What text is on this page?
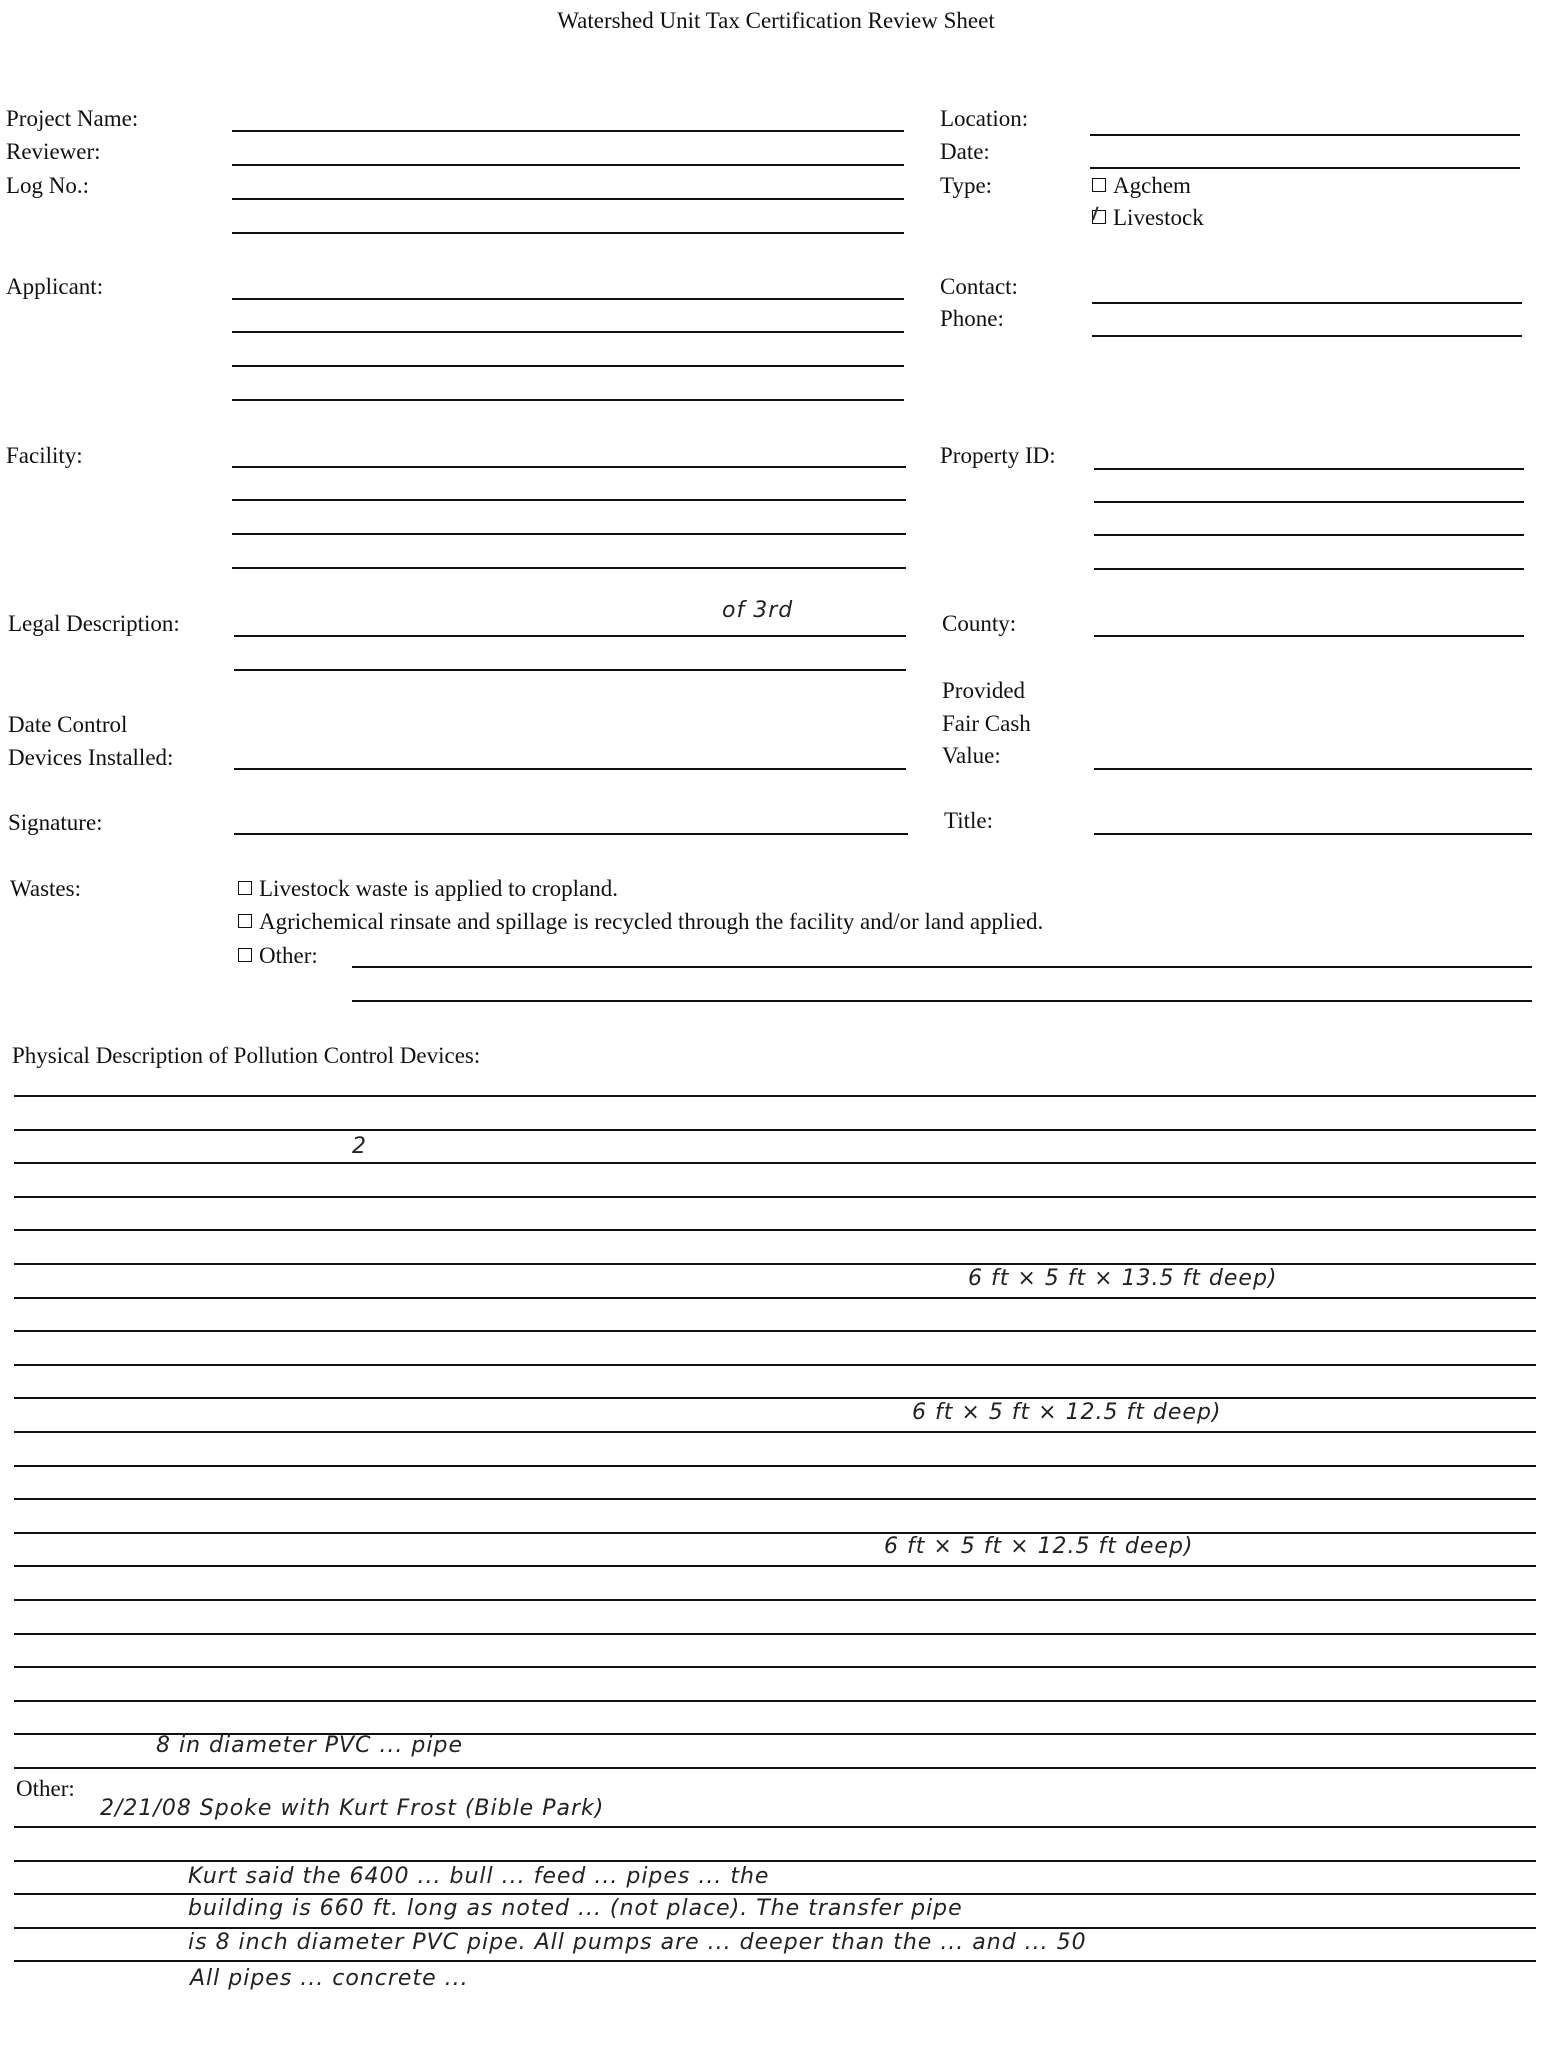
Watershed Unit Tax Certification Review Sheet
Project Name:
Reviewer:
Log No.:
Location:
Date:
Type:	Agchem
Livestock
Applicant:	Contact:
Phone:
Facility:	Property ID:
Legal Description:
of 3rd
County:
Provided
Fair Cash
Value:
Date Control
Devices Installed:
Signature:	Title:
Wastes:	Livestock waste is applied to cropland.
Agrichemical rinsate and spillage is recycled through the facility and/or land applied.
Other:
Physical Description of Pollution Control Devices:
2
6 ft × 5 ft × 13.5 ft deep)
6 ft × 5 ft × 12.5 ft deep)
6 ft × 5 ft × 12.5 ft deep)
8 in diameter PVC ... pipe
Other:
2/21/08 Spoke with Kurt Frost (Bible Park)
Kurt said the 6400 ... bull ... feed ... pipes ... the
building is 660 ft. long as noted ... (not place). The transfer pipe
is 8 inch diameter PVC pipe. All pumps are ... deeper than the ... and ... 50
All pipes ... concrete ...
